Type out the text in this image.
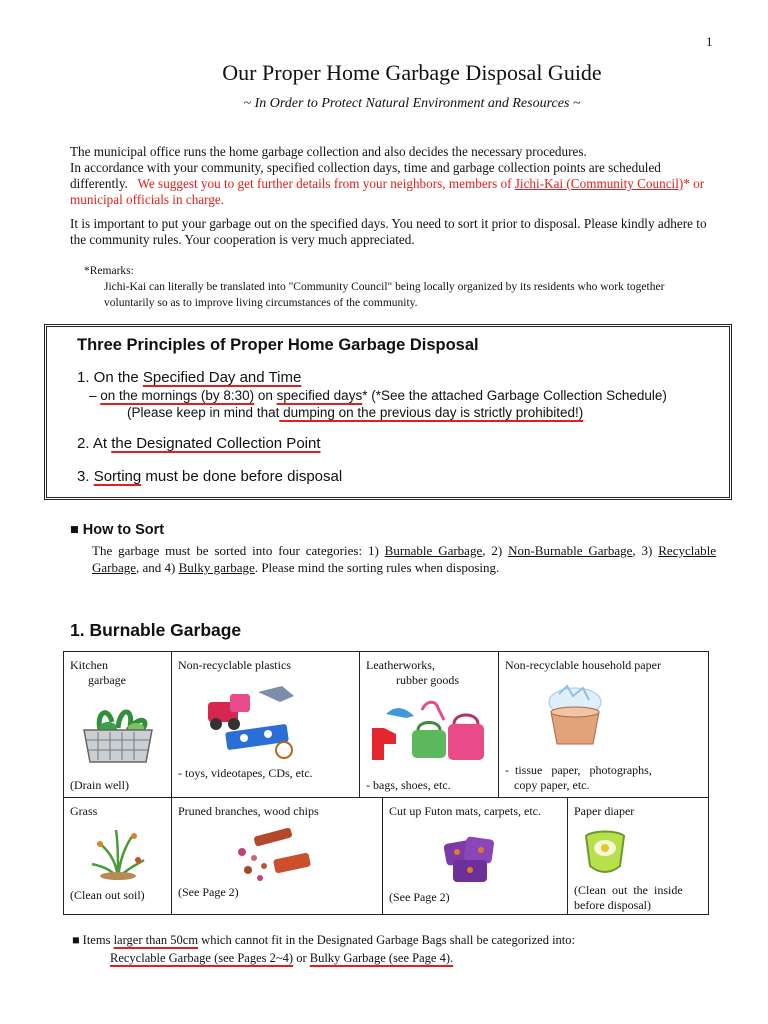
1
Our Proper Home Garbage Disposal Guide
~ In Order to Protect Natural Environment and Resources ~
The municipal office runs the home garbage collection and also decides the necessary procedures.
In accordance with your community, specified collection days, time and garbage collection points are scheduled differently. We suggest you to get further details from your neighbors, members of Jichi-Kai (Community Council)* or municipal officials in charge.
It is important to put your garbage out on the specified days. You need to sort it prior to disposal. Please kindly adhere to the community rules. Your cooperation is very much appreciated.
*Remarks:
Jichi-Kai can literally be translated into "Community Council" being locally organized by its residents who work together voluntarily so as to improve living circumstances of the community.
Three Principles of Proper Home Garbage Disposal
1. On the Specified Day and Time
– on the mornings (by 8:30) on specified days* (*See the attached Garbage Collection Schedule)
(Please keep in mind that dumping on the previous day is strictly prohibited!)
2. At the Designated Collection Point
3. Sorting must be done before disposal
■ How to Sort
The garbage must be sorted into four categories: 1) Burnable Garbage, 2) Non-Burnable Garbage, 3) Recyclable Garbage, and 4) Bulky garbage. Please mind the sorting rules when disposing.
1. Burnable Garbage
Kitchen
garbage
(Drain well)
Non-recyclable plastics
- toys, videotapes, CDs, etc.
Leatherworks,
rubber goods
- bags, shoes, etc.
Non-recyclable household paper
-  tissue   paper,   photographs,
copy paper, etc.
Grass
(Clean out soil)
Pruned branches, wood chips
(See Page 2)
Cut up Futon mats, carpets, etc.
(See Page 2)
Paper diaper
(Clean  out  the  inside
before disposal)
■ Items larger than 50cm which cannot fit in the Designated Garbage Bags shall be categorized into:
Recyclable Garbage (see Pages 2~4) or Bulky Garbage (see Page 4).
